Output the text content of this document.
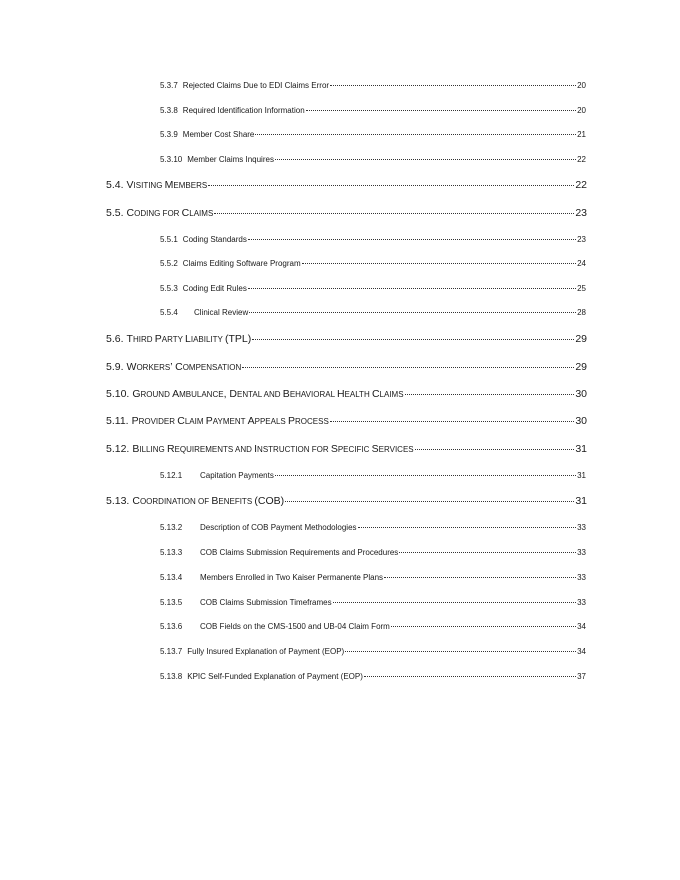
5.3.7 Rejected Claims Due to EDI Claims Error	20
5.3.8 Required Identification Information	20
5.3.9 Member Cost Share	21
5.3.10 Member Claims Inquires	22
5.4. VISITING MEMBERS	22
5.5. CODING FOR CLAIMS	23
5.5.1 Coding Standards	23
5.5.2 Claims Editing Software Program	24
5.5.3 Coding Edit Rules	25
5.5.4	Clinical Review	28
5.6. THIRD PARTY LIABILITY (TPL)	29
5.9. WORKERS’ COMPENSATION	29
5.10. GROUND AMBULANCE, DENTAL AND BEHAVIORAL HEALTH CLAIMS	30
5.11. PROVIDER CLAIM PAYMENT APPEALS PROCESS	30
5.12. BILLING REQUIREMENTS AND INSTRUCTION FOR SPECIFIC SERVICES	31
5.12.1	Capitation Payments	31
5.13. COORDINATION OF BENEFITS (COB)	31
5.13.2	Description of COB Payment Methodologies	33
5.13.3	COB Claims Submission Requirements and Procedures	33
5.13.4	Members Enrolled in Two Kaiser Permanente Plans	33
5.13.5	COB Claims Submission Timeframes	33
5.13.6	COB Fields on the CMS-1500 and UB-04 Claim Form	34
5.13.7 Fully Insured Explanation of Payment (EOP)	34
5.13.8 KPIC Self-Funded Explanation of Payment (EOP)	37
